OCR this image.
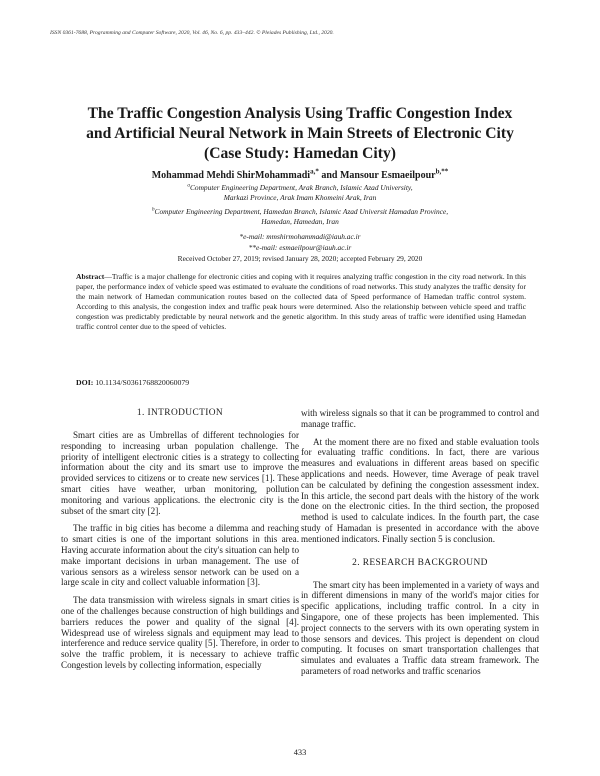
ISSN 0361-7688, Programming and Computer Software, 2020, Vol. 46, No. 6, pp. 433–442. © Pleiades Publishing, Ltd., 2020.
The Traffic Congestion Analysis Using Traffic Congestion Index
and Artificial Neural Network in Main Streets of Electronic City
(Case Study: Hamedan City)
Mohammad Mehdi ShirMohammadi$^{a,*}$ and Mansour Esmaeilpour$^{b,**}$
$^a$Computer Engineering Department, Arak Branch, Islamic Azad University,
Markazi Province, Arak Imam Khomeini Arak, Iran
$^b$Computer Engineering Department, Hamedan Branch, Islamic Azad Universit Hamadan Province,
Hamedan, Hamedan, Iran
*e-mail: mmshirmohammadi@iauh.ac.ir
**e-mail: esmaeilpour@iauh.ac.ir
Received October 27, 2019; revised January 28, 2020; accepted February 29, 2020
Abstract—Traffic is a major challenge for electronic cities and coping with it requires analyzing traffic congestion in the city road network. In this paper, the performance index of vehicle speed was estimated to evaluate the conditions of road networks. This study analyzes the traffic density for the main network of Hamedan communication routes based on the collected data of Speed performance of Hamedan traffic control system. According to this analysis, the congestion index and traffic peak hours were determined. Also the relationship between vehicle speed and traffic congestion was predictably predictable by neural network and the genetic algorithm. In this study areas of traffic were identified using Hamedan traffic control center due to the speed of vehicles.
DOI: 10.1134/S0361768820060079
1. INTRODUCTION

Smart cities are as Umbrellas of different technologies for responding to increasing urban population challenge. The priority of intelligent electronic cities is a strategy to collecting information about the city and its smart use to improve the provided services to citizens or to create new services [1]. These smart cities have weather, urban monitoring, pollution monitoring and various applications. the electronic city is the subset of the smart city [2].

The traffic in big cities has become a dilemma and reaching to smart cities is one of the important solutions in this area. Having accurate information about the city's situation can help to make important decisions in urban management. The use of various sensors as a wireless sensor network can be used on a large scale in city and collect valuable information [3].

The data transmission with wireless signals in smart cities is one of the challenges because construction of high buildings and barriers reduces the power and quality of the signal [4]. Widespread use of wireless signals and equipment may lead to interference and reduce service quality [5]. Therefore, in order to solve the traffic problem, it is necessary to achieve traffic Congestion levels by collecting information, especially

with wireless signals so that it can be programmed to control and manage traffic.

At the moment there are no fixed and stable evaluation tools for evaluating traffic conditions. In fact, there are various measures and evaluations in different areas based on specific applications and needs. However, time Average of peak travel can be calculated by defining the congestion assessment index. In this article, the second part deals with the history of the work done on the electronic cities. In the third section, the proposed method is used to calculate indices. In the fourth part, the case study of Hamadan is presented in accordance with the above mentioned indicators. Finally section 5 is conclusion.

2. RESEARCH BACKGROUND

The smart city has been implemented in a variety of ways and in different dimensions in many of the world's major cities for specific applications, including traffic control. In a city in Singapore, one of these projects has been implemented. This project connects to the servers with its own operating system in those sensors and devices. This project is dependent on cloud computing. It focuses on smart transportation challenges that simulates and evaluates a Traffic data stream framework. The parameters of road networks and traffic scenarios

433
